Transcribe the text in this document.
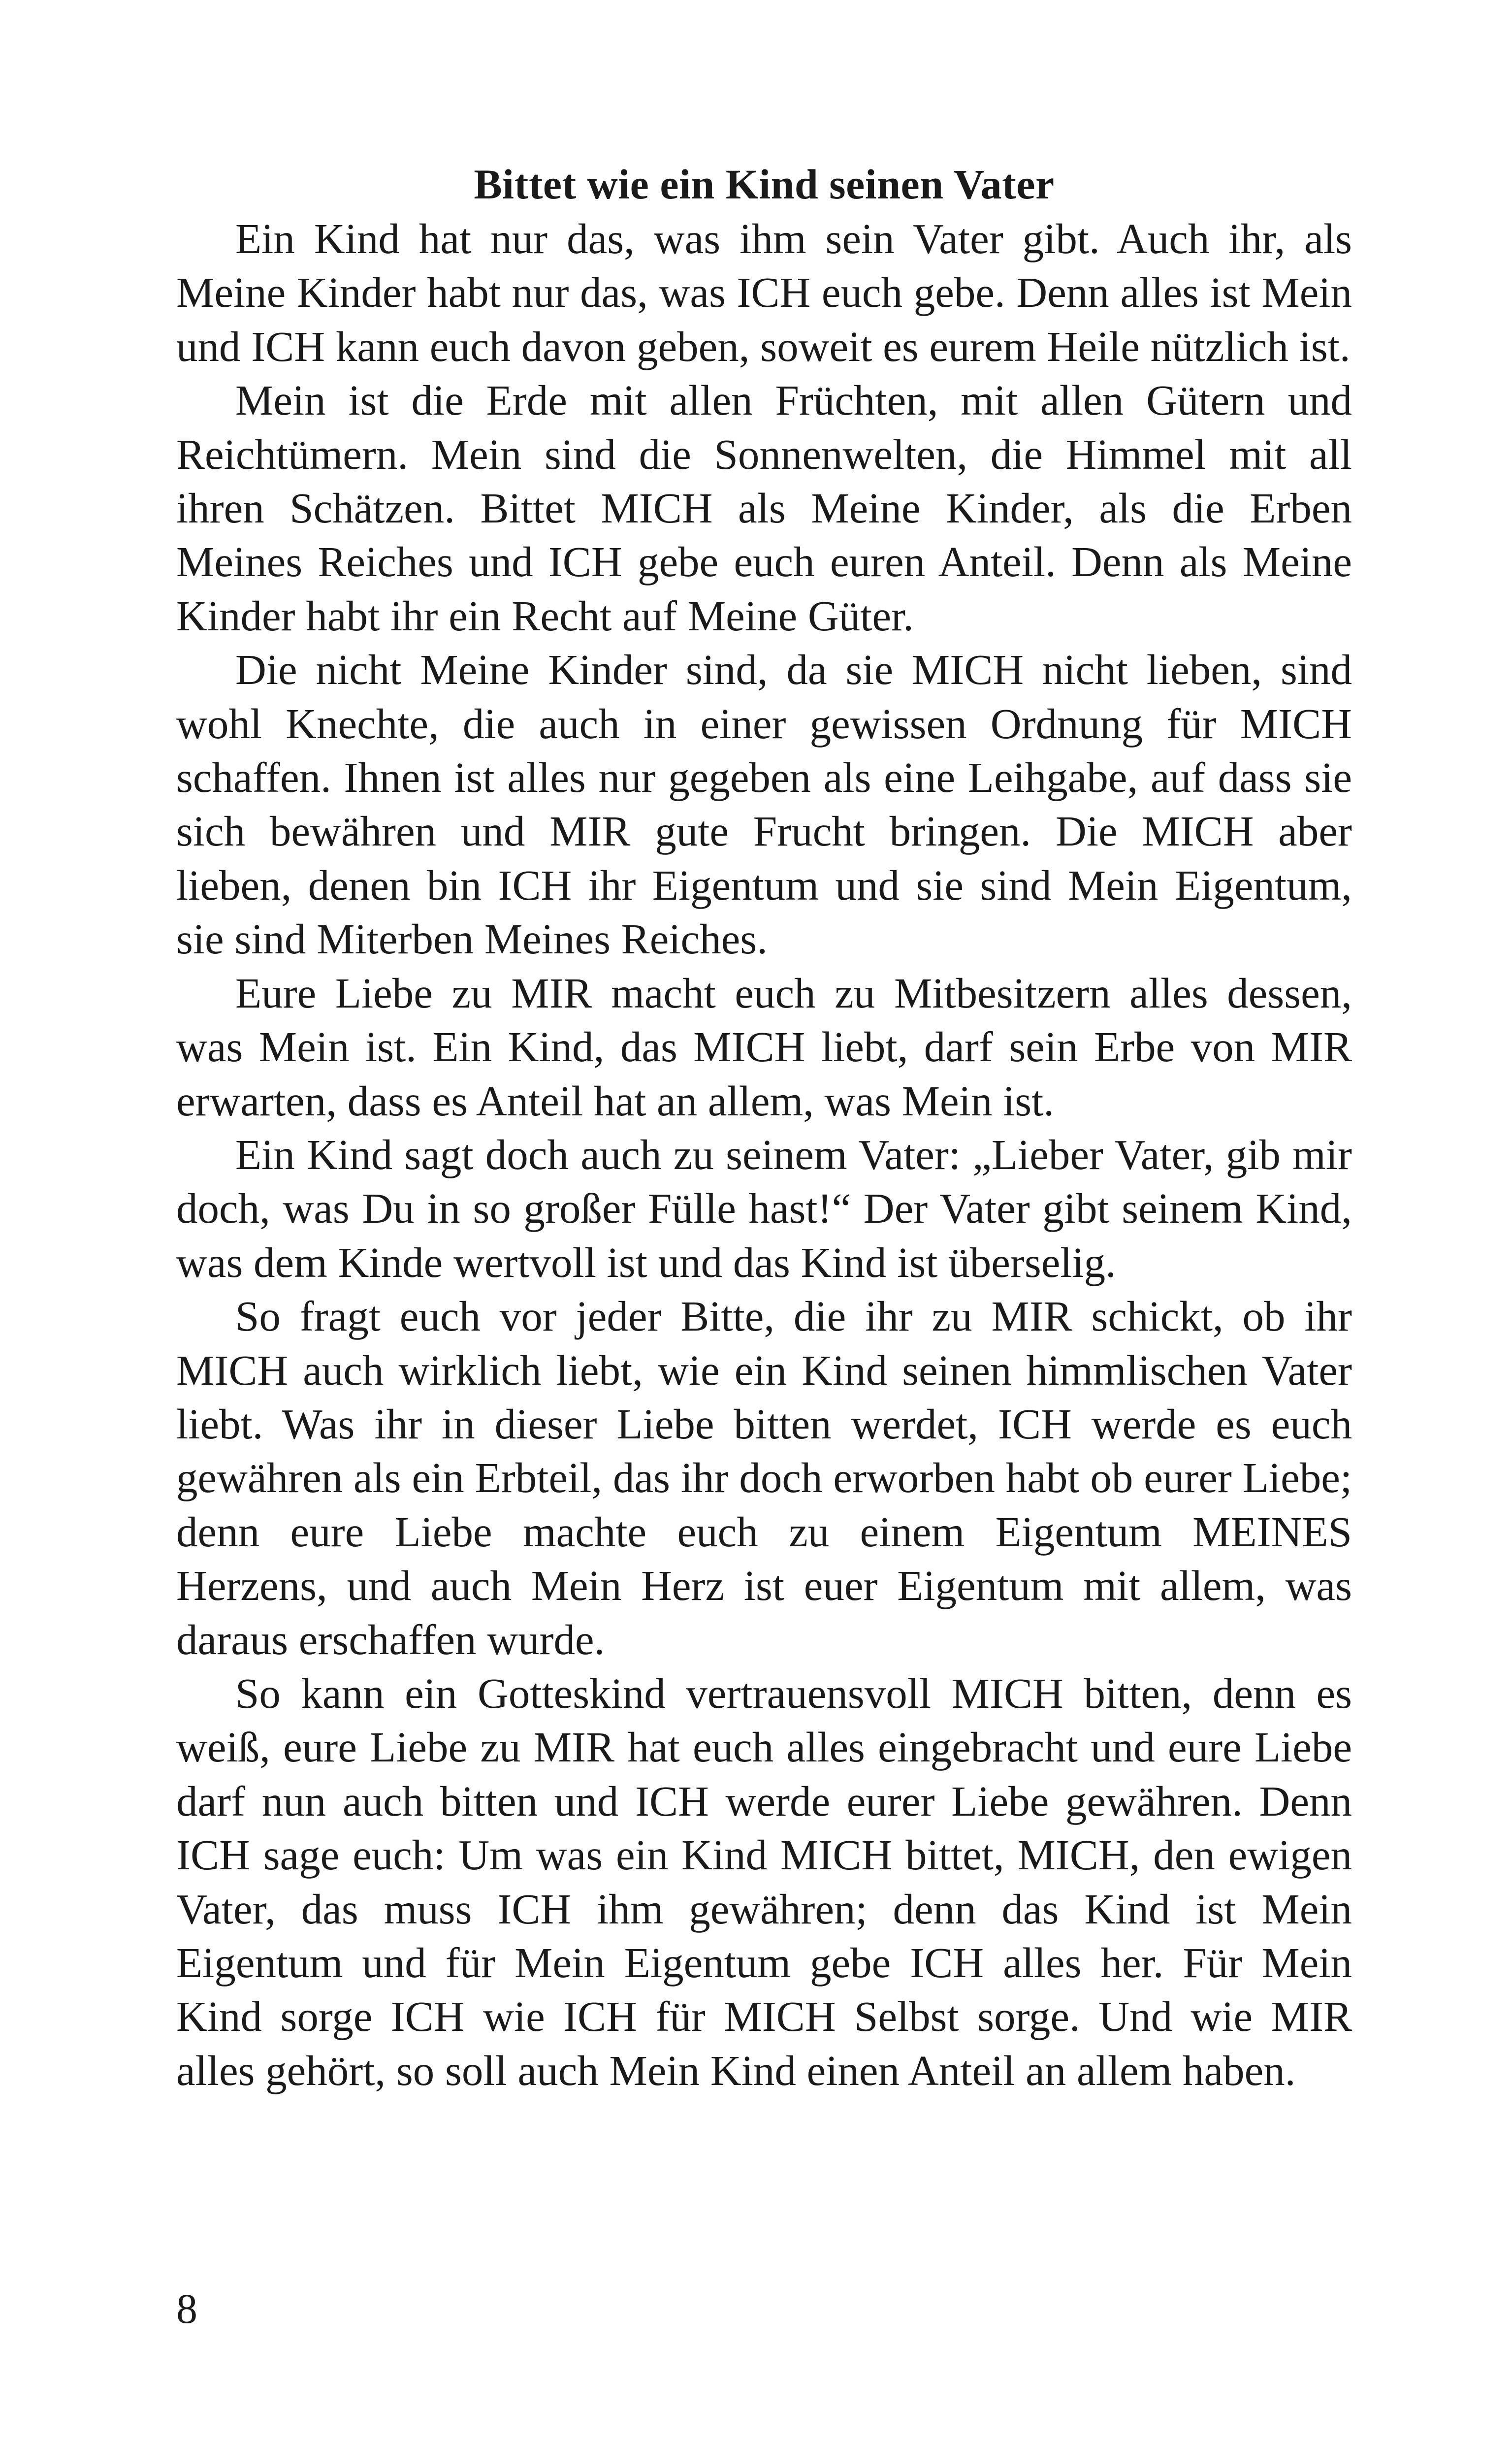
Bittet wie ein Kind seinen Vater

Ein Kind hat nur das, was ihm sein Vater gibt. Auch ihr, als Meine Kinder habt nur das, was ICH euch gebe. Denn alles ist Mein und ICH kann euch davon geben, soweit es eurem Heile nützlich ist.

Mein ist die Erde mit allen Früchten, mit allen Gütern und Reichtümern. Mein sind die Sonnenwelten, die Himmel mit all ihren Schätzen. Bittet MICH als Meine Kinder, als die Erben Meines Reiches und ICH gebe euch euren Anteil. Denn als Meine Kinder habt ihr ein Recht auf Meine Güter.

Die nicht Meine Kinder sind, da sie MICH nicht lieben, sind wohl Knechte, die auch in einer gewissen Ordnung für MICH schaffen. Ihnen ist alles nur gegeben als eine Leihgabe, auf dass sie sich bewähren und MIR gute Frucht bringen. Die MICH aber lieben, denen bin ICH ihr Eigentum und sie sind Mein Eigentum, sie sind Miterben Meines Reiches.

Eure Liebe zu MIR macht euch zu Mitbesitzern alles dessen, was Mein ist. Ein Kind, das MICH liebt, darf sein Erbe von MIR erwarten, dass es Anteil hat an allem, was Mein ist.

Ein Kind sagt doch auch zu seinem Vater: „Lieber Vater, gib mir doch, was Du in so großer Fülle hast!“ Der Vater gibt seinem Kind, was dem Kinde wertvoll ist und das Kind ist überselig.

So fragt euch vor jeder Bitte, die ihr zu MIR schickt, ob ihr MICH auch wirklich liebt, wie ein Kind seinen himmlischen Vater liebt. Was ihr in dieser Liebe bitten werdet, ICH werde es euch gewähren als ein Erbteil, das ihr doch erworben habt ob eurer Liebe; denn eure Liebe machte euch zu einem Eigentum MEINES Herzens, und auch Mein Herz ist euer Eigentum mit allem, was daraus erschaffen wurde.

So kann ein Gotteskind vertrauensvoll MICH bitten, denn es weiß, eure Liebe zu MIR hat euch alles eingebracht und eure Liebe darf nun auch bitten und ICH werde eurer Liebe gewähren. Denn ICH sage euch: Um was ein Kind MICH bittet, MICH, den ewigen Vater, das muss ICH ihm gewähren; denn das Kind ist Mein Eigentum und für Mein Eigentum gebe ICH alles her. Für Mein Kind sorge ICH wie ICH für MICH Selbst sorge. Und wie MIR alles gehört, so soll auch Mein Kind einen Anteil an allem haben.

8
